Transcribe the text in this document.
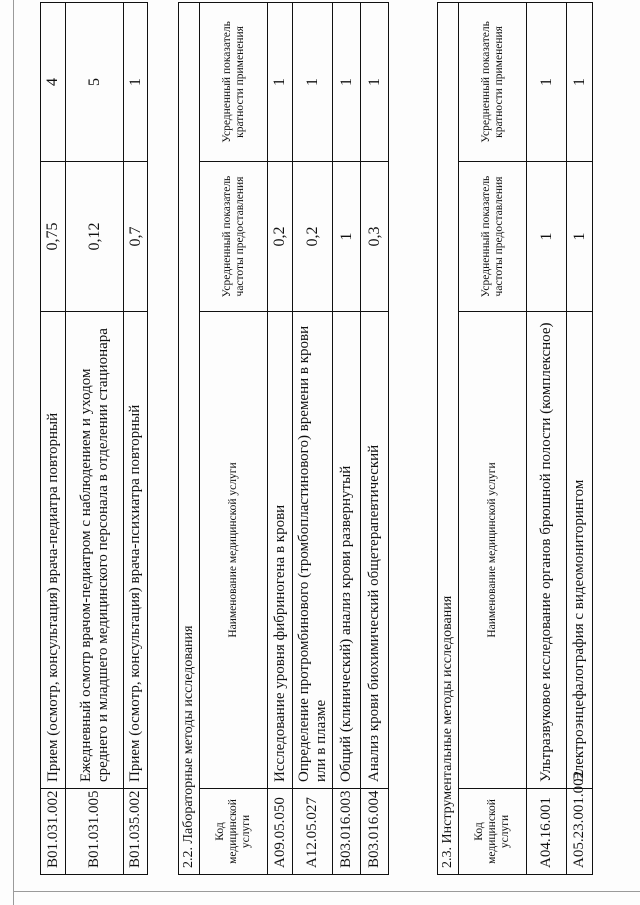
B01.031.002	Прием (осмотр, консультация) врача-педиатра повторный	0,75	4
B01.031.005	Ежедневный осмотр врачом-педиатром с наблюдением и уходом среднего и младшего медицинского персонала в отделении стационара	0,12	5
B01.035.002	Прием (осмотр, консультация) врача-психиатра повторный	0,7	1
2.2. Лабораторные методы исследования			
Код медицинской услуги	Наименование медицинской услуги	Усредненный показатель частоты предоставления	Усредненный показатель кратности применения
A09.05.050	Исследование уровня фибриногена в крови	0,2	1
A12.05.027	Определение протромбинового (тромбопластинового) времени в крови или в плазме	0,2	1
B03.016.003	Общий (клинический) анализ крови развернутый	1	1
B03.016.004	Анализ крови биохимический общетерапевтический	0,3	1
2.3. Инструментальные методы исследования			
Код медицинской услуги	Наименование медицинской услуги	Усредненный показатель частоты предоставления	Усредненный показатель кратности применения
A04.16.001	Ультразвуковое исследование органов брюшной полости (комплексное)	1	1
A05.23.001.002	Электроэнцефалография с видеомониторингом	1	1
